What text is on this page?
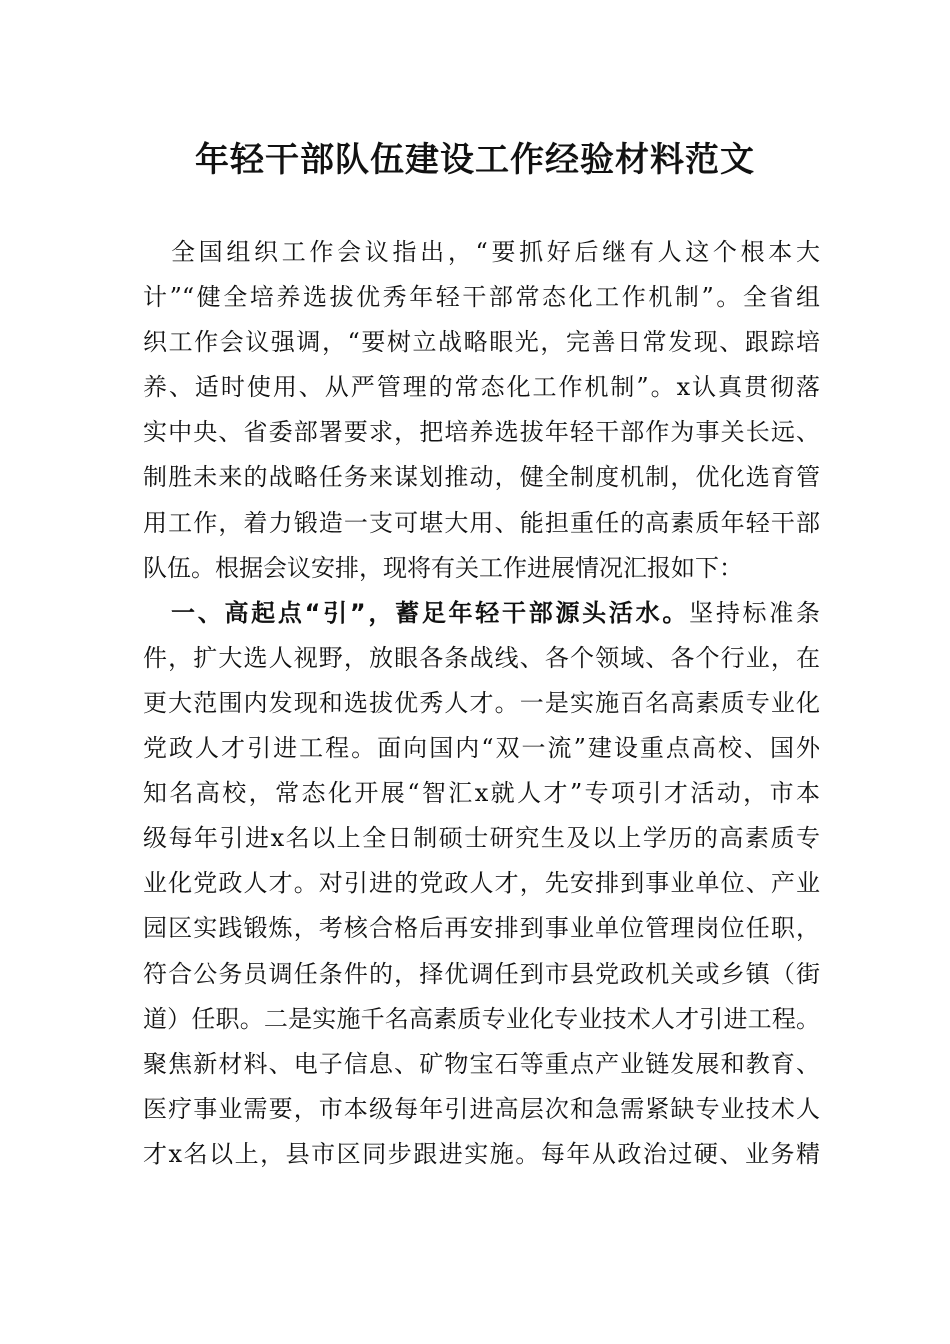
年轻干部队伍建设工作经验材料范文
全国组织工作会议指出，“要抓好后继有人这个根本大
计”“健全培养选拔优秀年轻干部常态化工作机制”。全省组
织工作会议强调，“要树立战略眼光，完善日常发现、跟踪培
养、适时使用、从严管理的常态化工作机制”。x认真贯彻落
实中央、省委部署要求，把培养选拔年轻干部作为事关长远、
制胜未来的战略任务来谋划推动，健全制度机制，优化选育管
用工作，着力锻造一支可堪大用、能担重任的高素质年轻干部
队伍。根据会议安排，现将有关工作进展情况汇报如下：
一、高起点“引”，蓄足年轻干部源头活水。坚持标准条
件，扩大选人视野，放眼各条战线、各个领域、各个行业，在
更大范围内发现和选拔优秀人才。一是实施百名高素质专业化
党政人才引进工程。面向国内“双一流”建设重点高校、国外
知名高校，常态化开展“智汇x就人才”专项引才活动，市本
级每年引进x名以上全日制硕士研究生及以上学历的高素质专
业化党政人才。对引进的党政人才，先安排到事业单位、产业
园区实践锻炼，考核合格后再安排到事业单位管理岗位任职，
符合公务员调任条件的，择优调任到市县党政机关或乡镇（街
道）任职。二是实施千名高素质专业化专业技术人才引进工程。
聚焦新材料、电子信息、矿物宝石等重点产业链发展和教育、
医疗事业需要，市本级每年引进高层次和急需紧缺专业技术人
才x名以上，县市区同步跟进实施。每年从政治过硬、业务精
